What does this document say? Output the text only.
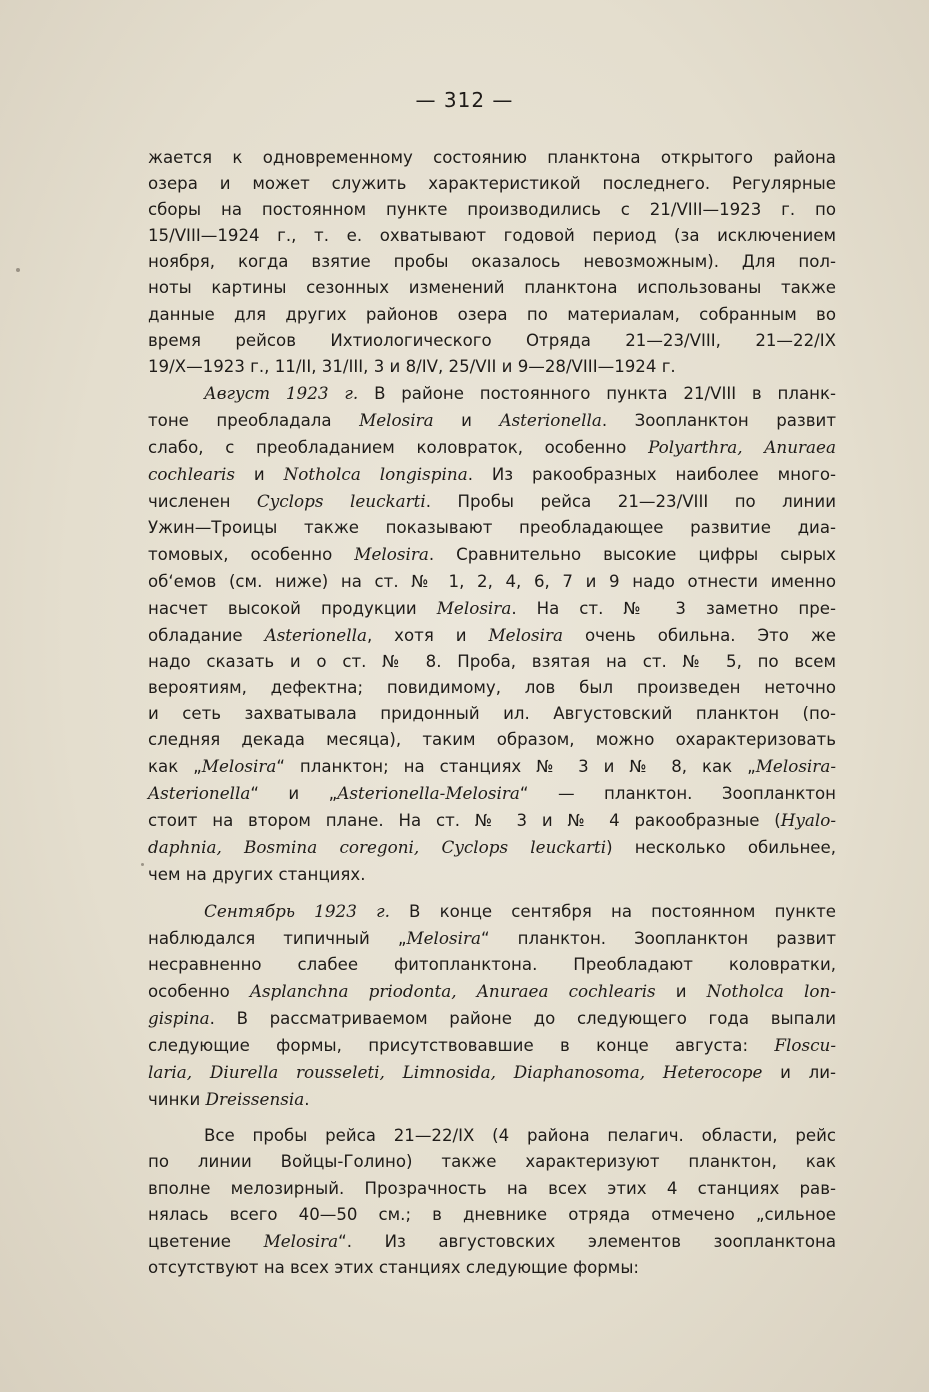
— 312 —

жается к одновременному состоянию планктона открытого района

озера и может служить характеристикой последнего. Регулярные

сборы на постоянном пункте производились с 21/VIII—1923 г. по

15/VIII—1924 г., т. е. охватывают годовой период (за исключением

ноября, когда взятие пробы оказалось невозможным). Для пол-

ноты картины сезонных изменений планктона использованы также

данные для других районов озера по материалам, собранным во

время рейсов Ихтиологического Отряда 21—23/VIII, 21—22/IX

19/X—1923 г., 11/II, 31/III, 3 и 8/IV, 25/VII и 9—28/VIII—1924 г.

Август 1923 г. В районе постоянного пункта 21/VIII в планк-

тоне преобладала Melosira и Asterionella. Зоопланктон развит

слабо, с преобладанием коловраток, особенно Polyarthra, Anuraea

cochlearis и Notholca longispina. Из ракообразных наиболее много-

численен Cyclops leuckarti. Пробы рейса 21—23/VIII по линии

Ужин—Троицы также показывают преобладающее развитие диа-

томовых, особенно Melosira. Сравнительно высокие цифры сырых

об‘емов (см. ниже) на ст. № 1, 2, 4, 6, 7 и 9 надо отнести именно

насчет высокой продукции Melosira. На ст. № 3 заметно пре-

обладание Asterionella, хотя и Melosira очень обильна. Это же

надо сказать и о ст. № 8. Проба, взятая на ст. № 5, по всем

вероятиям, дефектна; повидимому, лов был произведен неточно

и сеть захватывала придонный ил. Августовский планктон (по-

следняя декада месяца), таким образом, можно охарактеризовать

как „Melosira“ планктон; на станциях № 3 и № 8, как „Melosira-

Asterionella“ и „Asterionella-Melosira“ — планктон. Зоопланктон

стоит на втором плане. На ст. № 3 и № 4 ракообразные (Hyalo-

daphnia, Bosmina coregoni, Cyclops leuckarti) несколько обильнее,

чем на других станциях.

Сентябрь 1923 г. В конце сентября на постоянном пункте

наблюдался типичный „Melosira“ планктон. Зоопланктон развит

несравненно слабее фитопланктона. Преобладают коловратки,

особенно Asplanchna priodonta, Anuraea cochlearis и Notholca lon-

gispina. В рассматриваемом районе до следующего года выпали

следующие формы, присутствовавшие в конце августа: Floscu-

laria, Diurella rousseleti, Limnosida, Diaphanosoma, Heterocope и ли-

чинки Dreissensia.

Все пробы рейса 21—22/IX (4 района пелагич. области, рейс

по линии Войцы-Голино) также характеризуют планктон, как

вполне мелозирный. Прозрачность на всех этих 4 станциях рав-

нялась всего 40—50 см.; в дневнике отряда отмечено „сильное

цветение Melosira“. Из августовских элементов зоопланктона

отсутствуют на всех этих станциях следующие формы:
